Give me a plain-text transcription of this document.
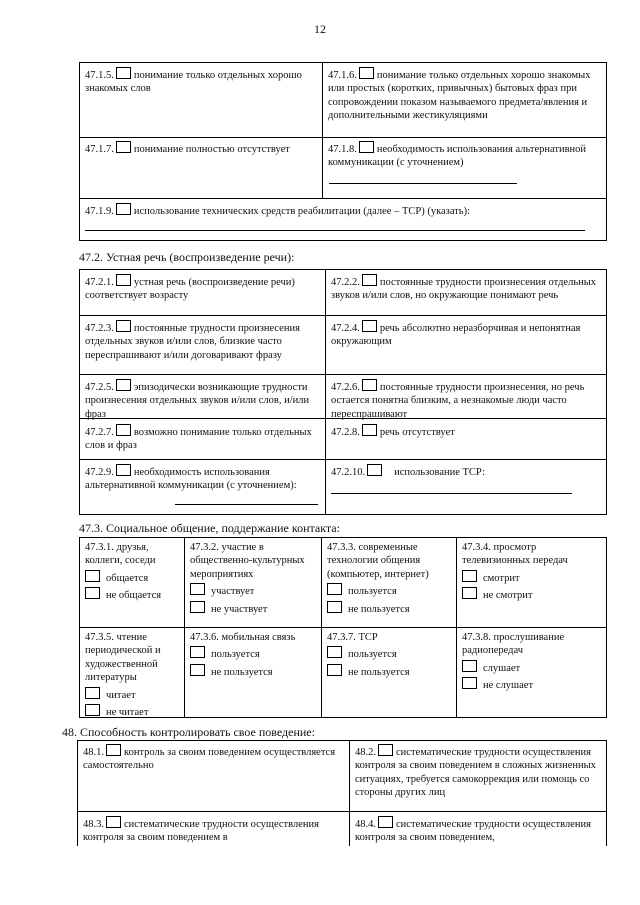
12
47.1.5. понимание только отдельных хорошо знакомых слов
47.1.6. понимание только отдельных хорошо знакомых или простых (коротких, привычных) бытовых фраз при сопровождении показом называемого предмета/явления и дополнительными жестикуляциями
47.1.7. понимание полностью отсутствует	47.1.8. необходимость использования альтернативной коммуникации (с уточнением)
47.1.9. использование технических средств реабилитации (далее – ТСР) (указать):
47.2. Устная речь (воспроизведение речи):
47.2.1. устная речь (воспроизведение речи) соответствует возрасту
47.2.2. постоянные трудности произнесения отдельных звуков и/или слов, но окружающие понимают речь
47.2.3. постоянные трудности произнесения отдельных звуков и/или слов, близкие часто переспрашивают и/или договаривают фразу
47.2.4. речь абсолютно неразборчивая и непонятная окружающим
47.2.5. эпизодически возникающие трудности произнесения отдельных звуков и/или слов, и/или фраз
47.2.6. постоянные трудности произнесения, но речь остается понятна близким, а незнакомые люди часто переспрашивают
47.2.7. возможно понимание только отдельных слов и фраз
47.2.8. речь отсутствует
47.2.9. необходимость использования альтернативной коммуникации (с уточнением):
47.2.10.	использование ТСР:
47.3. Социальное общение, поддержание контакта:
47.3.1. друзья, коллеги, соседи
общается
не общается
47.3.2. участие в общественно-культурных мероприятиях
участвует
не участвует
47.3.3. современные технологии общения (компьютер, интернет)
пользуется
не пользуется
47.3.4. просмотр телевизионных передач
смотрит
не смотрит
47.3.5. чтение периодической и художественной литературы
читает
не читает
47.3.6. мобильная связь
пользуется
не пользуется
47.3.7. ТСР
пользуется
не пользуется
47.3.8. прослушивание радиопередач
слушает
не слушает
48. Способность контролировать свое поведение:
48.1. контроль за своим поведением осуществляется самостоятельно
48.2. систематические трудности осуществления контроля за своим поведением в сложных жизненных ситуациях, требуется самокоррекция или помощь со стороны других лиц
48.3. систематические трудности осуществления контроля за своим поведением в
48.4. систематические трудности осуществления контроля за своим поведением,
